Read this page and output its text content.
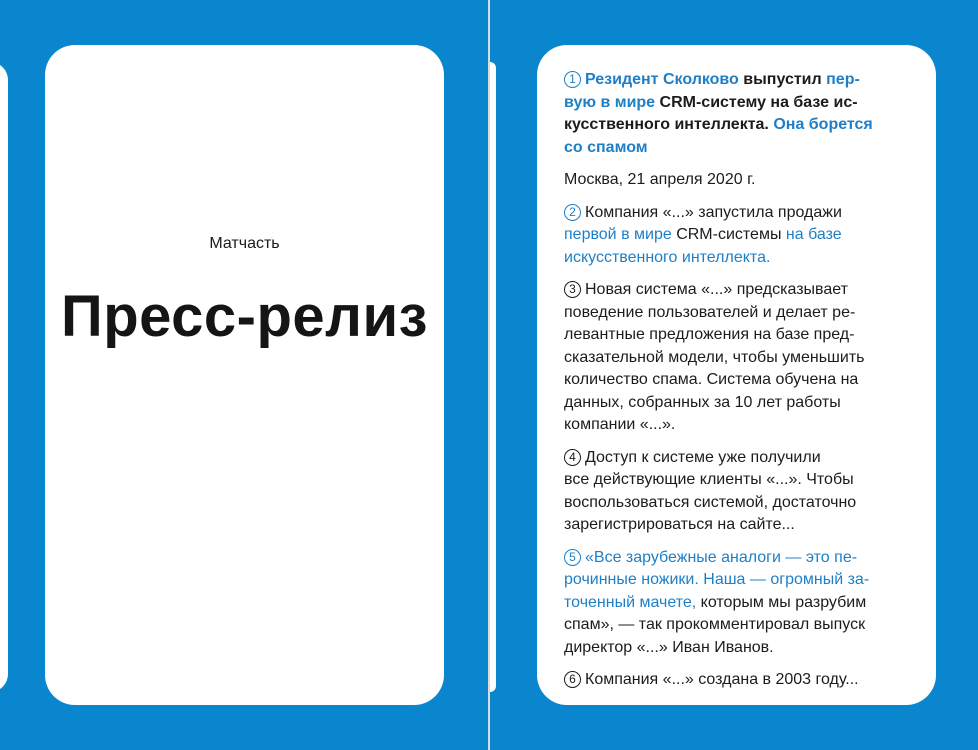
Матчасть
Пресс-релиз

1 Резидент Сколково выпустил пер-
вую в мире CRM-систему на базе ис-
кусственного интеллекта. Она борется
со спамом

Москва, 21 апреля 2020 г.

2 Компания «...» запустила продажи
первой в мире CRM-системы на базе
искусственного интеллекта.

3 Новая система «...» предсказывает
поведение пользователей и делает ре-
левантные предложения на базе пред-
сказательной модели, чтобы уменьшить
количество спама. Система обучена на
данных, собранных за 10 лет работы
компании «...».

4 Доступ к системе уже получили
все действующие клиенты «...». Чтобы
воспользоваться системой, достаточно
зарегистрироваться на сайте...

5 «Все зарубежные аналоги — это пе-
рочинные ножики. Наша — огромный за-
точенный мачете, которым мы разрубим
спам», — так прокомментировал выпуск
директор «...» Иван Иванов.

6 Компания «...» создана в 2003 году...
